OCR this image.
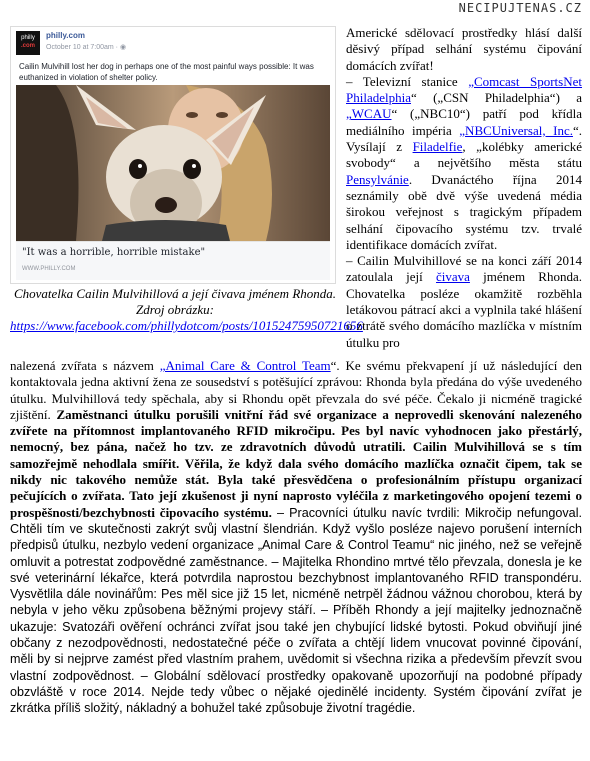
NECIPUJTENAS.CZ
philly
.com
philly.com
October 10 at 7:00am · ◉
Cailin Mulvihill lost her dog in perhaps one of the most painful ways possible: It was euthanized in violation of shelter policy.
"It was a horrible, horrible mistake"
WWW.PHILLY.COM
Chovatelka Cailin Mulvihillová a její čivava jménem Rhonda. Zdroj obrázku: https://www.facebook.com/phillydotcom/posts/10152475950721656

Americké sdělovací prostředky hlásí další děsivý případ selhání systému čipování domácích zvířat!
– Televizní stanice „Comcast SportsNet Philadelphia“ („CSN Philadelphia“) a „WCAU“ („NBC10“) patří pod křídla mediálního impéria „NBCUniversal, Inc.“. Vysílají z Filadelfie, „kolébky americké svobody“ a největšího města státu Pensylvánie. Dvanáctého října 2014 seznámily obě dvě výše uvedená média širokou veřejnost s tragickým případem selhání čipovacího systému tzv. trvalé identifikace domácích zvířat.
– Cailin Mulvihillové se na konci září 2014 zatoulala její čivava jménem Rhonda. Chovatelka posléze okamžitě rozběhla letákovou pátrací akci a vyplnila také hlášení o ztrátě svého domácího mazlíčka v místním útulku pro

nalezená zvířata s názvem „Animal Care & Control Team“. Ke svému překvapení jí už následující den kontaktovala jedna aktivní žena ze sousedství s potěšující zprávou: Rhonda byla předána do výše uvedeného útulku. Mulvihillová tedy spěchala, aby si Rhondu opět převzala do své péče. Čekalo ji nicméně tragické zjištění. Zaměstnanci útulku porušili vnitřní řád své organizace a neprovedli skenování nalezeného zvířete na přítomnost implantovaného RFID mikročipu. Pes byl navíc vyhodnocen jako přestárlý, nemocný, bez pána, načež ho tzv. ze zdravotních důvodů utratili. Cailin Mulvihillová se s tím samozřejmě nehodlala smířit. Věřila, že když dala svého domácího mazlíčka označit čipem, tak se nikdy nic takového nemůže stát. Byla také přesvědčena o profesionálním přístupu organizací pečujících o zvířata. Tato její zkušenost ji nyní naprosto vyléčila z marketingového opojení tezemi o prospěšnosti/bezchybnosti čipovacího systému. – Pracovníci útulku navíc tvrdili: Mikročip nefungoval. Chtěli tím ve skutečnosti zakrýt svůj vlastní šlendrián. Když vyšlo posléze najevo porušení interních předpisů útulku, nezbylo vedení organizace „Animal Care & Control Teamu“ nic jiného, než se veřejně omluvit a potrestat zodpovědné zaměstnance. – Majitelka Rhondino mrtvé tělo převzala, donesla je ke své veterinární lékařce, která potvrdila naprostou bezchybnost implantovaného RFID transpondéru. Vysvětlila dále novinářům: Pes měl sice již 15 let, nicméně netrpěl žádnou vážnou chorobou, která by nebyla v jeho věku způsobena běžnými projevy stáří. – Příběh Rhondy a její majitelky jednoznačně ukazuje: Svatozáři ověření ochránci zvířat jsou také jen chybující lidské bytosti. Pokud obviňují jiné občany z nezodpovědnosti, nedostatečné péče o zvířata a chtějí lidem vnucovat povinné čipování, měli by si nejprve zamést před vlastním prahem, uvědomit si všechna rizika a především převzít svou vlastní zodpovědnost. – Globální sdělovací prostředky opakovaně upozorňují na podobné případy obzvláště v roce 2014. Nejde tedy vůbec o nějaké ojedinělé incidenty. Systém čipování zvířat je zkrátka příliš složitý, nákladný a bohužel také způsobuje životní tragédie.
